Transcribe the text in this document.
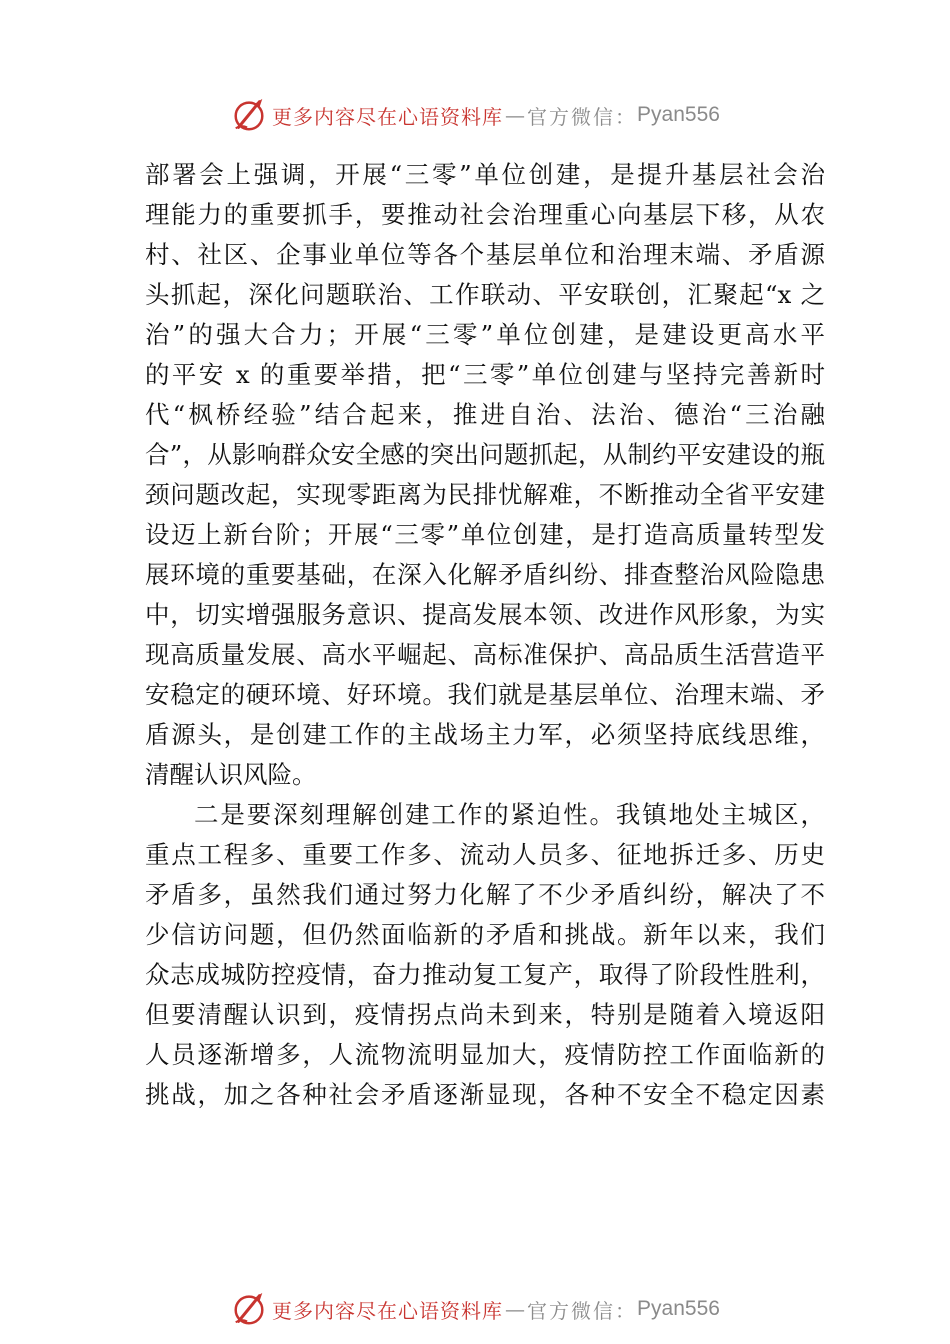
更多内容尽在心语资料库 — 官方微信： Pyan556
部署会上强调，开展“三零”单位创建，是提升基层社会治
理能力的重要抓手，要推动社会治理重心向基层下移，从农
村、社区、企事业单位等各个基层单位和治理末端、矛盾源
头抓起，深化问题联治、工作联动、平安联创，汇聚起“x 之
治”的强大合力；开展“三零”单位创建，是建设更高水平
的平安 x 的重要举措，把“三零”单位创建与坚持完善新时
代“枫桥经验”结合起来，推进自治、法治、德治“三治融
合”，从影响群众安全感的突出问题抓起，从制约平安建设的瓶
颈问题改起，实现零距离为民排忧解难，不断推动全省平安建
设迈上新台阶；开展“三零”单位创建，是打造高质量转型发
展环境的重要基础，在深入化解矛盾纠纷、排查整治风险隐患
中，切实增强服务意识、提高发展本领、改进作风形象，为实
现高质量发展、高水平崛起、高标准保护、高品质生活营造平
安稳定的硬环境、好环境。我们就是基层单位、治理末端、矛
盾源头，是创建工作的主战场主力军，必须坚持底线思维，
清醒认识风险。
二是要深刻理解创建工作的紧迫性。我镇地处主城区，
重点工程多、重要工作多、流动人员多、征地拆迁多、历史
矛盾多，虽然我们通过努力化解了不少矛盾纠纷，解决了不
少信访问题，但仍然面临新的矛盾和挑战。新年以来，我们
众志成城防控疫情，奋力推动复工复产，取得了阶段性胜利，
但要清醒认识到，疫情拐点尚未到来，特别是随着入境返阳
人员逐渐增多，人流物流明显加大，疫情防控工作面临新的
挑战，加之各种社会矛盾逐渐显现，各种不安全不稳定因素
更多内容尽在心语资料库 — 官方微信： Pyan556
